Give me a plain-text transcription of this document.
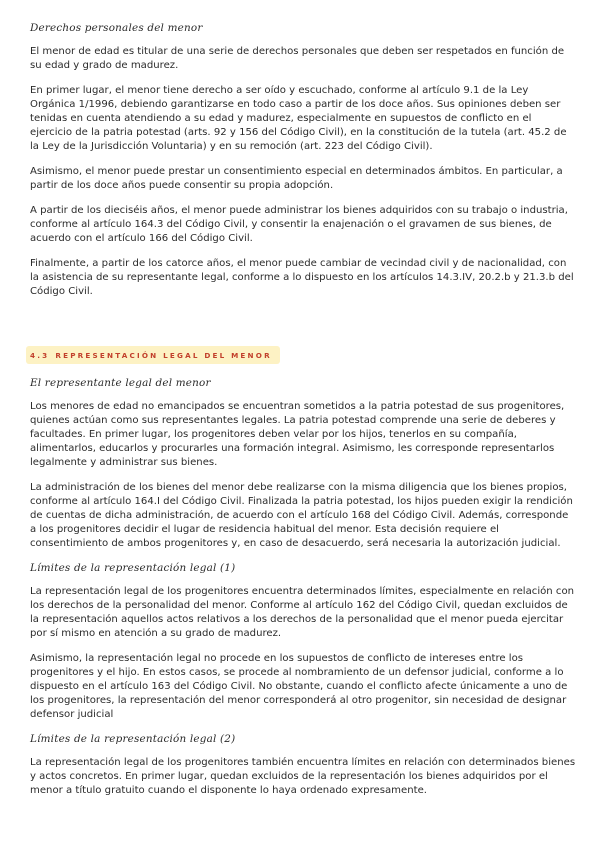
Derechos personales del menor

El menor de edad es titular de una serie de derechos personales que deben ser respetados en función de su edad y grado de madurez.

En primer lugar, el menor tiene derecho a ser oído y escuchado, conforme al artículo 9.1 de la Ley Orgánica 1/1996, debiendo garantizarse en todo caso a partir de los doce años. Sus opiniones deben ser tenidas en cuenta atendiendo a su edad y madurez, especialmente en supuestos de conflicto en el ejercicio de la patria potestad (arts. 92 y 156 del Código Civil), en la constitución de la tutela (art. 45.2 de la Ley de la Jurisdicción Voluntaria) y en su remoción (art. 223 del Código Civil).

Asimismo, el menor puede prestar un consentimiento especial en determinados ámbitos. En particular, a partir de los doce años puede consentir su propia adopción.

A partir de los dieciséis años, el menor puede administrar los bienes adquiridos con su trabajo o industria, conforme al artículo 164.3 del Código Civil, y consentir la enajenación o el gravamen de sus bienes, de acuerdo con el artículo 166 del Código Civil.

Finalmente, a partir de los catorce años, el menor puede cambiar de vecindad civil y de nacionalidad, con la asistencia de su representante legal, conforme a lo dispuesto en los artículos 14.3.IV, 20.2.b y 21.3.b del Código Civil.

4.3 REPRESENTACIÓN LEGAL DEL MENOR
El representante legal del menor

Los menores de edad no emancipados se encuentran sometidos a la patria potestad de sus progenitores, quienes actúan como sus representantes legales. La patria potestad comprende una serie de deberes y facultades. En primer lugar, los progenitores deben velar por los hijos, tenerlos en su compañía, alimentarlos, educarlos y procurarles una formación integral. Asimismo, les corresponde representarlos legalmente y administrar sus bienes.

La administración de los bienes del menor debe realizarse con la misma diligencia que los bienes propios, conforme al artículo 164.I del Código Civil. Finalizada la patria potestad, los hijos pueden exigir la rendición de cuentas de dicha administración, de acuerdo con el artículo 168 del Código Civil. Además, corresponde a los progenitores decidir el lugar de residencia habitual del menor. Esta decisión requiere el consentimiento de ambos progenitores y, en caso de desacuerdo, será necesaria la autorización judicial.

Límites de la representación legal (1)

La representación legal de los progenitores encuentra determinados límites, especialmente en relación con los derechos de la personalidad del menor. Conforme al artículo 162 del Código Civil, quedan excluidos de la representación aquellos actos relativos a los derechos de la personalidad que el menor pueda ejercitar por sí mismo en atención a su grado de madurez.

Asimismo, la representación legal no procede en los supuestos de conflicto de intereses entre los progenitores y el hijo. En estos casos, se procede al nombramiento de un defensor judicial, conforme a lo dispuesto en el artículo 163 del Código Civil. No obstante, cuando el conflicto afecte únicamente a uno de los progenitores, la representación del menor corresponderá al otro progenitor, sin necesidad de designar defensor judicial

Límites de la representación legal (2)

La representación legal de los progenitores también encuentra límites en relación con determinados bienes y actos concretos. En primer lugar, quedan excluidos de la representación los bienes adquiridos por el menor a título gratuito cuando el disponente lo haya ordenado expresamente.
